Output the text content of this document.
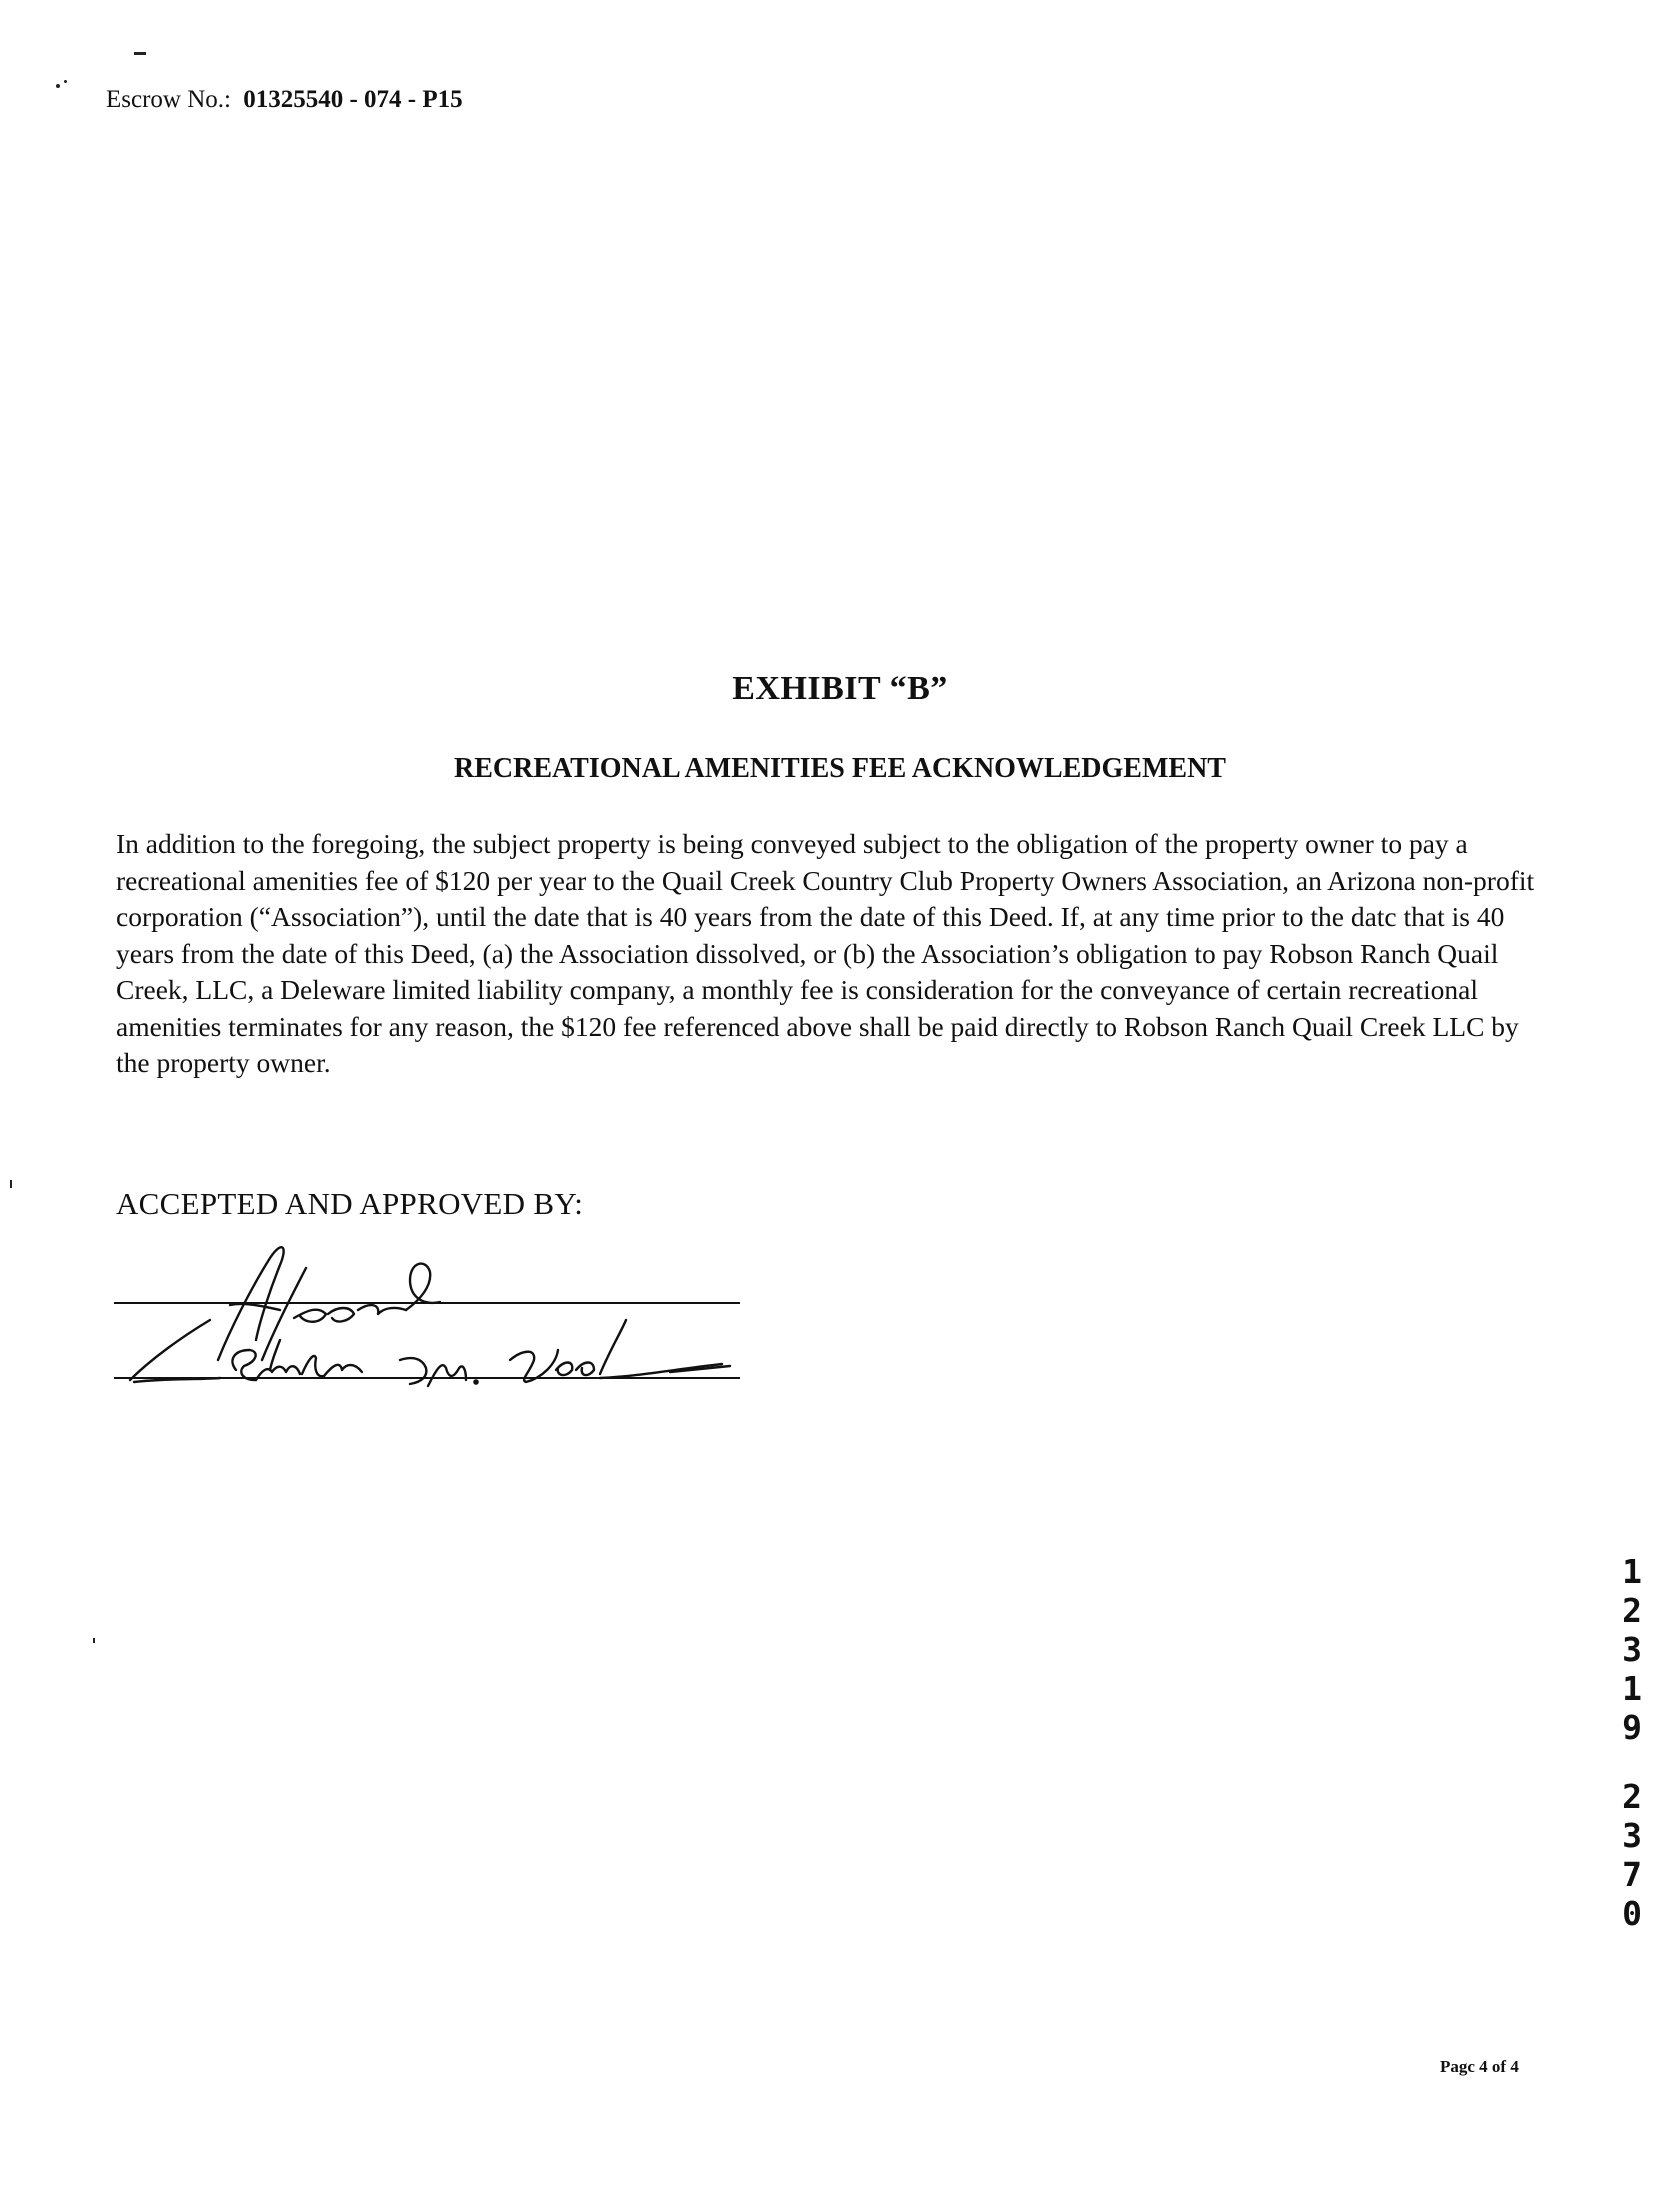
Escrow No.: 01325540 - 074 - P15
EXHIBIT “B”
RECREATIONAL AMENITIES FEE ACKNOWLEDGEMENT
In addition to the foregoing, the subject property is being conveyed subject to the obligation of the property owner to pay a recreational amenities fee of $120 per year to the Quail Creek Country Club Property Owners Association, an Arizona non-profit corporation (“Association”), until the date that is 40 years from the date of this Deed. If, at any time prior to the datc that is 40 years from the date of this Deed, (a) the Association dissolved, or (b) the Association’s obligation to pay Robson Ranch Quail Creek, LLC, a Deleware limited liability company, a monthly fee is consideration for the conveyance of certain recreational amenities terminates for any reason, the $120 fee referenced above shall be paid directly to Robson Ranch Quail Creek LLC by the property owner.
ACCEPTED AND APPROVED BY:
Neal
Emilie M. Neal
1
2
3
1
9
2
3
7
0
Pagc 4 of 4
